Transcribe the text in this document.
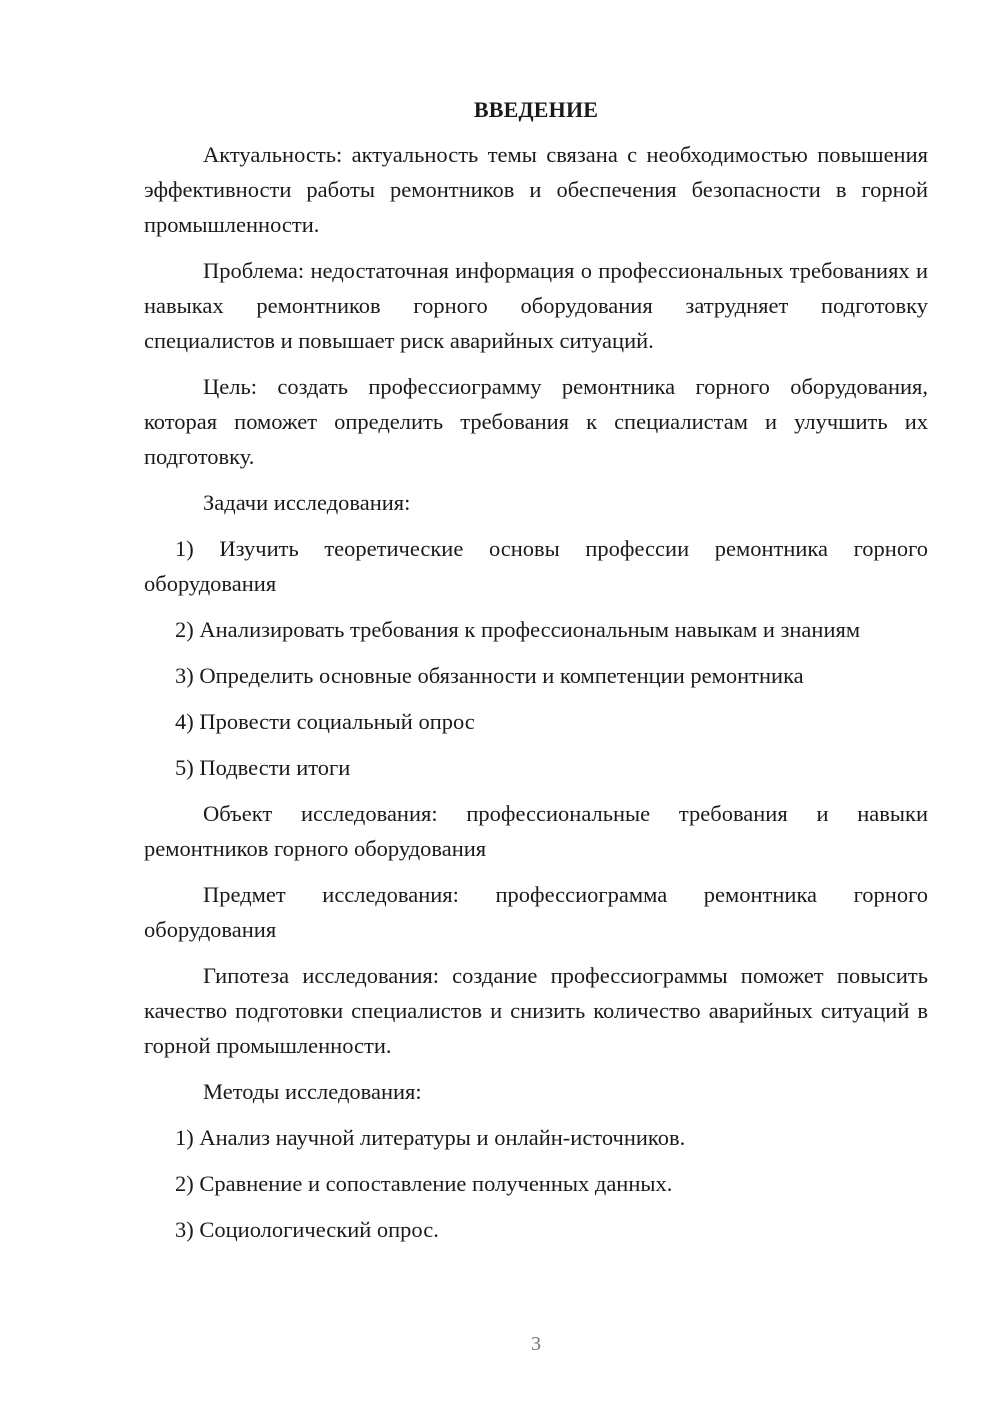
ВВЕДЕНИЕ

Актуальность: актуальность темы связана с необходимостью повышения эффективности работы ремонтников и обеспечения безопасности в горной промышленности.

Проблема: недостаточная информация о профессиональных требованиях и навыках ремонтников горного оборудования затрудняет подготовку специалистов и повышает риск аварийных ситуаций.

Цель: создать профессиограмму ремонтника горного оборудования, которая поможет определить требования к специалистам и улучшить их подготовку.

Задачи исследования:

1) Изучить теоретические основы профессии ремонтника горного оборудования

2) Анализировать требования к профессиональным навыкам и знаниям

3) Определить основные обязанности и компетенции ремонтника

4) Провести социальный опрос

5) Подвести итоги

Объект исследования: профессиональные требования и навыки ремонтников горного оборудования

Предмет исследования: профессиограмма ремонтника горного оборудования

Гипотеза исследования: создание профессиограммы поможет повысить качество подготовки специалистов и снизить количество аварийных ситуаций в горной промышленности.

Методы исследования:

1) Анализ научной литературы и онлайн-источников.

2) Сравнение и сопоставление полученных данных.

3) Социологический опрос.

3
